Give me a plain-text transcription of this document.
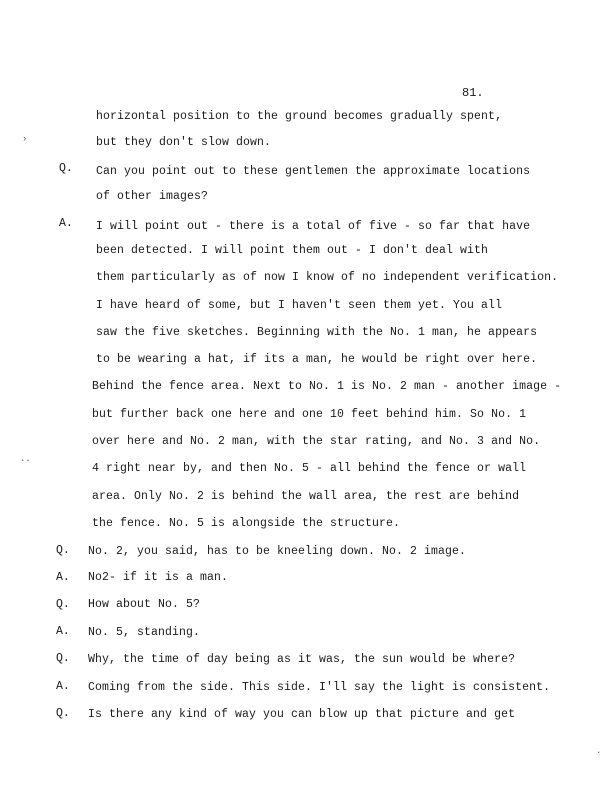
81.
horizontal position to the ground becomes gradually spent,
but they don't slow down.
Q. Can you point out to these gentlemen the approximate locations
of other images?
A. I will point out - there is a total of five - so far that have
been detected. I will point them out - I don't deal with
them particularly as of now I know of no independent verification.
I have heard of some, but I haven't seen them yet. You all
saw the five sketches. Beginning with the No. 1 man, he appears
to be wearing a hat, if its a man, he would be right over here.
Behind the fence area. Next to No. 1 is No. 2 man - another image -
but further back one here and one 10 feet behind him. So No. 1
over here and No. 2 man, with the star rating, and No. 3 and No.
4 right near by, and then No. 5 - all behind the fence or wall
area. Only No. 2 is behind the wall area, the rest are behind
the fence. No. 5 is alongside the structure.
Q. No. 2, you said, has to be kneeling down. No. 2 image.
A. No2- if it is a man.
Q. How about No. 5?
A. No. 5, standing.
Q. Why, the time of day being as it was, the sun would be where?
A. Coming from the side. This side. I'll say the light is consistent.
Q. Is there any kind of way you can blow up that picture and get
›
··
·
